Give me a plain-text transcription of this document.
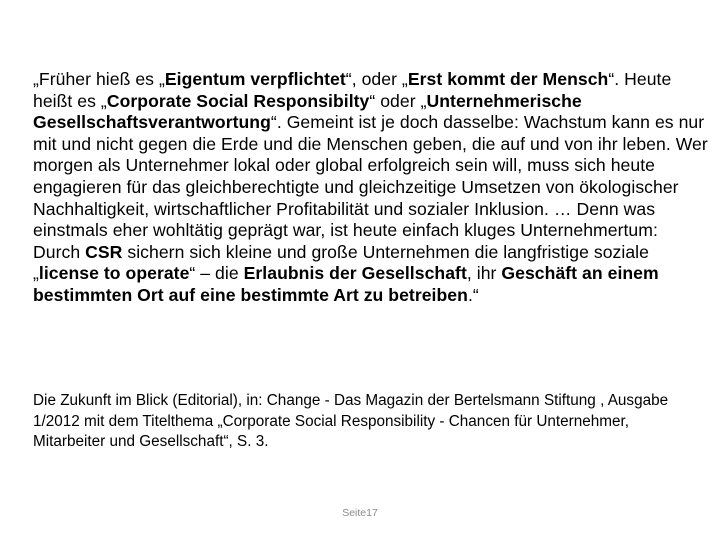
„Früher hieß es „Eigentum verpflichtet“, oder „Erst kommt der Mensch“. Heute heißt es „Corporate Social Responsibilty“ oder „Unternehmerische Gesellschaftsverantwortung“. Gemeint ist je doch dasselbe: Wachstum kann es nur mit und nicht gegen die Erde und die Menschen geben, die auf und von ihr leben. Wer morgen als Unternehmer lokal oder global erfolgreich sein will, muss sich heute engagieren für das gleichberechtigte und gleichzeitige Umsetzen von ökologischer Nachhaltigkeit, wirtschaftlicher Profitabilität und sozialer Inklusion. … Denn was einstmals eher wohltätig geprägt war, ist heute einfach kluges Unternehmertum: Durch CSR sichern sich kleine und große Unternehmen die langfristige soziale „license to operate“ – die Erlaubnis der Gesellschaft, ihr Geschäft an einem bestimmten Ort auf eine bestimmte Art zu betreiben.“

Die Zukunft im Blick (Editorial), in: Change - Das Magazin der Bertelsmann Stiftung , Ausgabe 1/2012 mit dem Titelthema „Corporate Social Responsibility - Chancen für Unternehmer, Mitarbeiter und Gesellschaft“, S. 3.

Seite17
